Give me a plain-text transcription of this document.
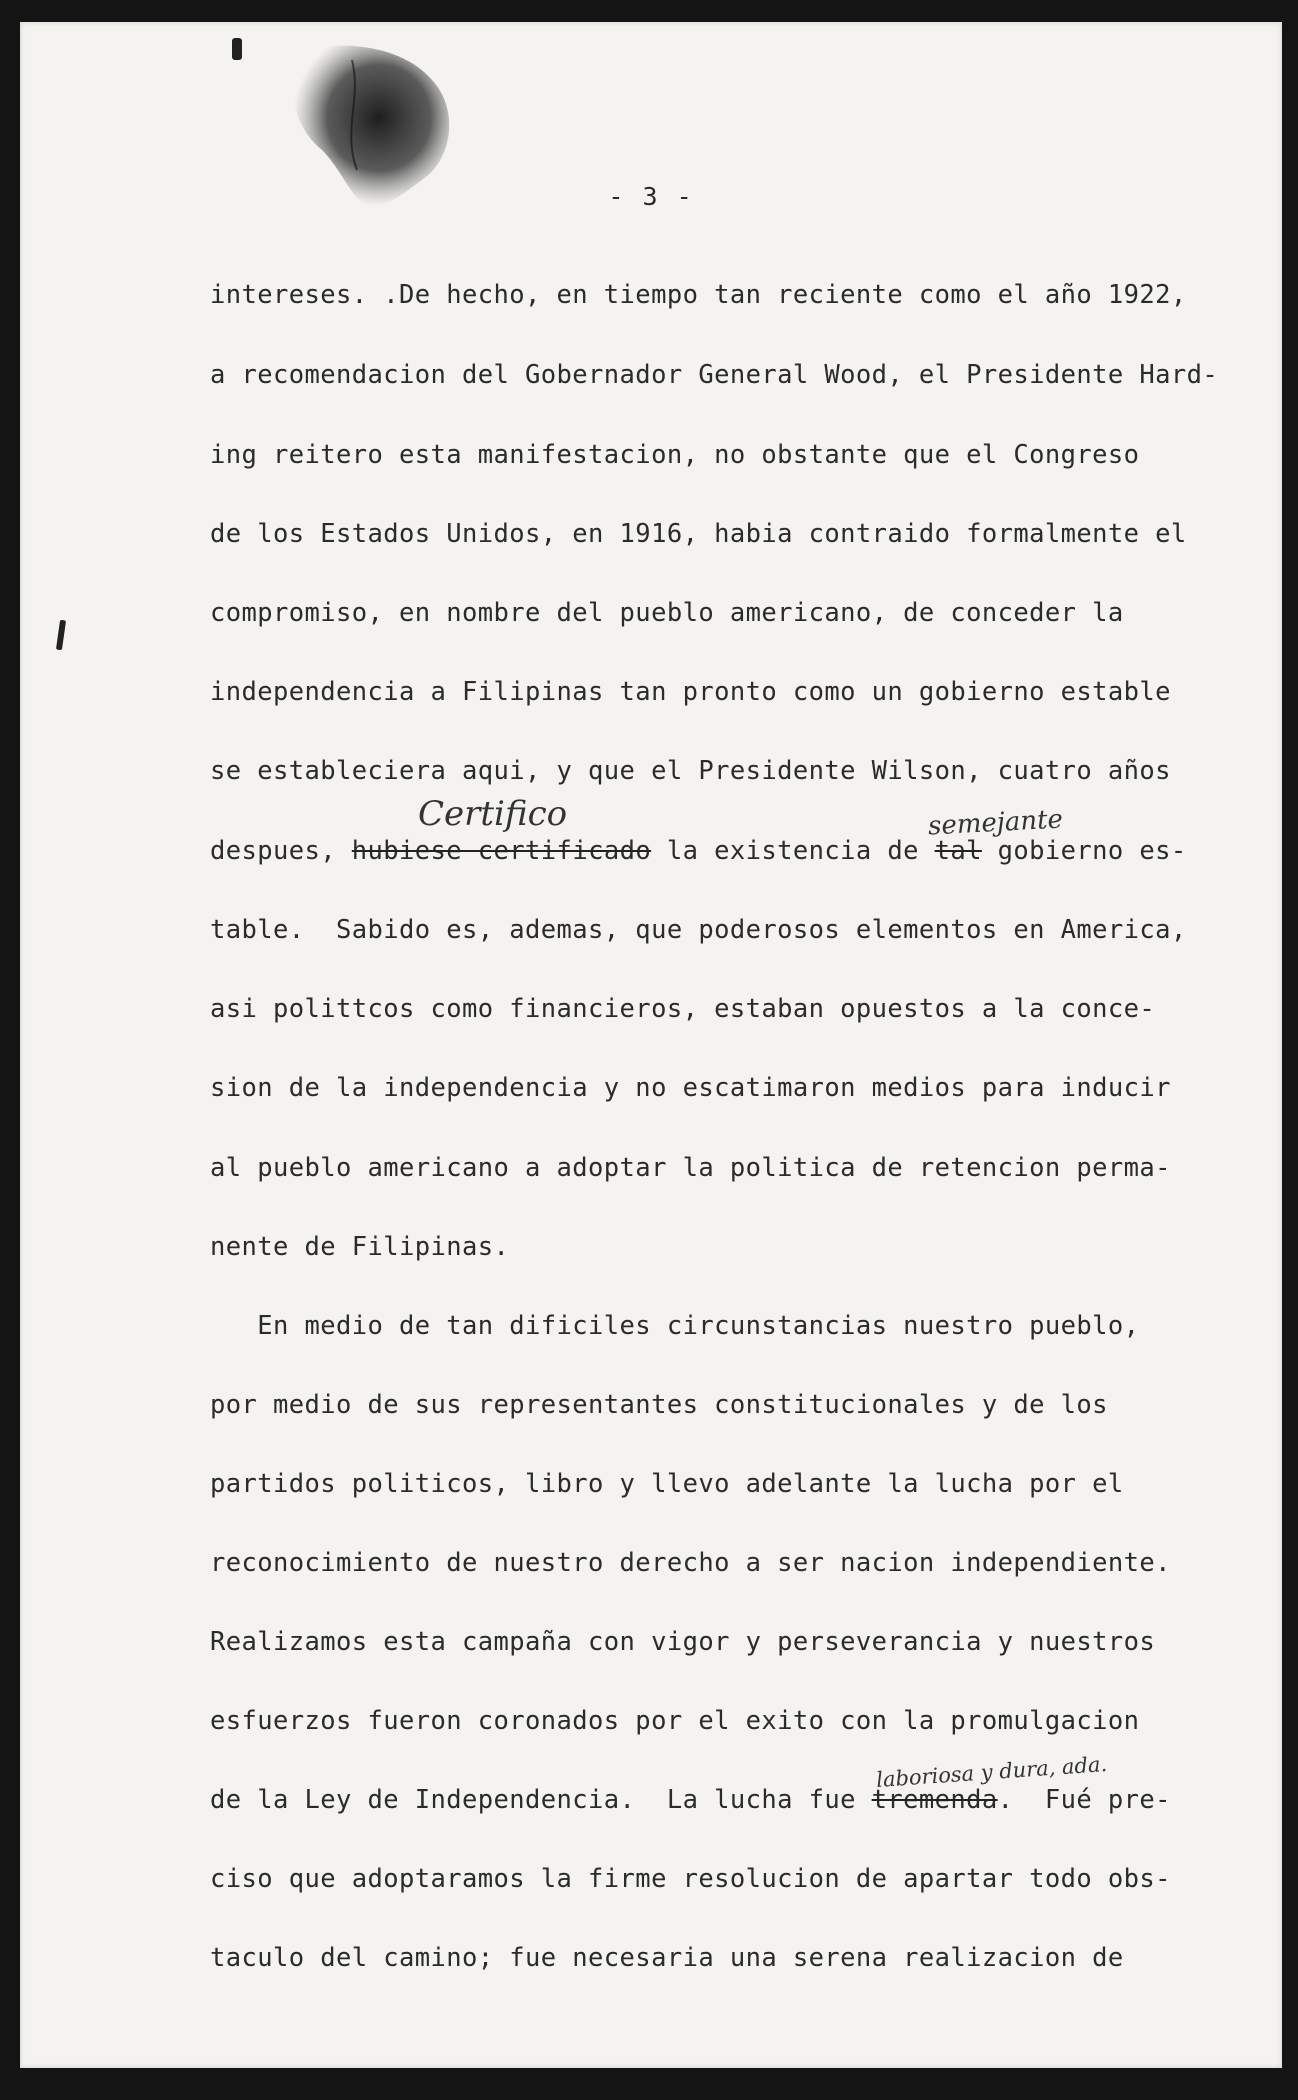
- 3 -
intereses. .De hecho, en tiempo tan reciente como el año 1922,
a recomendacion del Gobernador General Wood, el Presidente Hard-
ing reitero esta manifestacion, no obstante que el Congreso
de los Estados Unidos, en 1916, habia contraido formalmente el
compromiso, en nombre del pueblo americano, de conceder la
independencia a Filipinas tan pronto como un gobierno estable
se estableciera aqui, y que el Presidente Wilson, cuatro años
despues, hubiese certificado la existencia de tal gobierno es-
table.  Sabido es, ademas, que poderosos elementos en America,
asi polittcos como financieros, estaban opuestos a la conce-
sion de la independencia y no escatimaron medios para inducir
al pueblo americano a adoptar la politica de retencion perma-
nente de Filipinas.
En medio de tan dificiles circunstancias nuestro pueblo,
por medio de sus representantes constitucionales y de los
partidos politicos, libro y llevo adelante la lucha por el
reconocimiento de nuestro derecho a ser nacion independiente.
Realizamos esta campaña con vigor y perseverancia y nuestros
esfuerzos fueron coronados por el exito con la promulgacion
de la Ley de Independencia.  La lucha fue tremenda.  Fué pre-
ciso que adoptaramos la firme resolucion de apartar todo obs-
taculo del camino; fue necesaria una serena realizacion de
Certifico	semejante
laboriosa y dura, ada.
